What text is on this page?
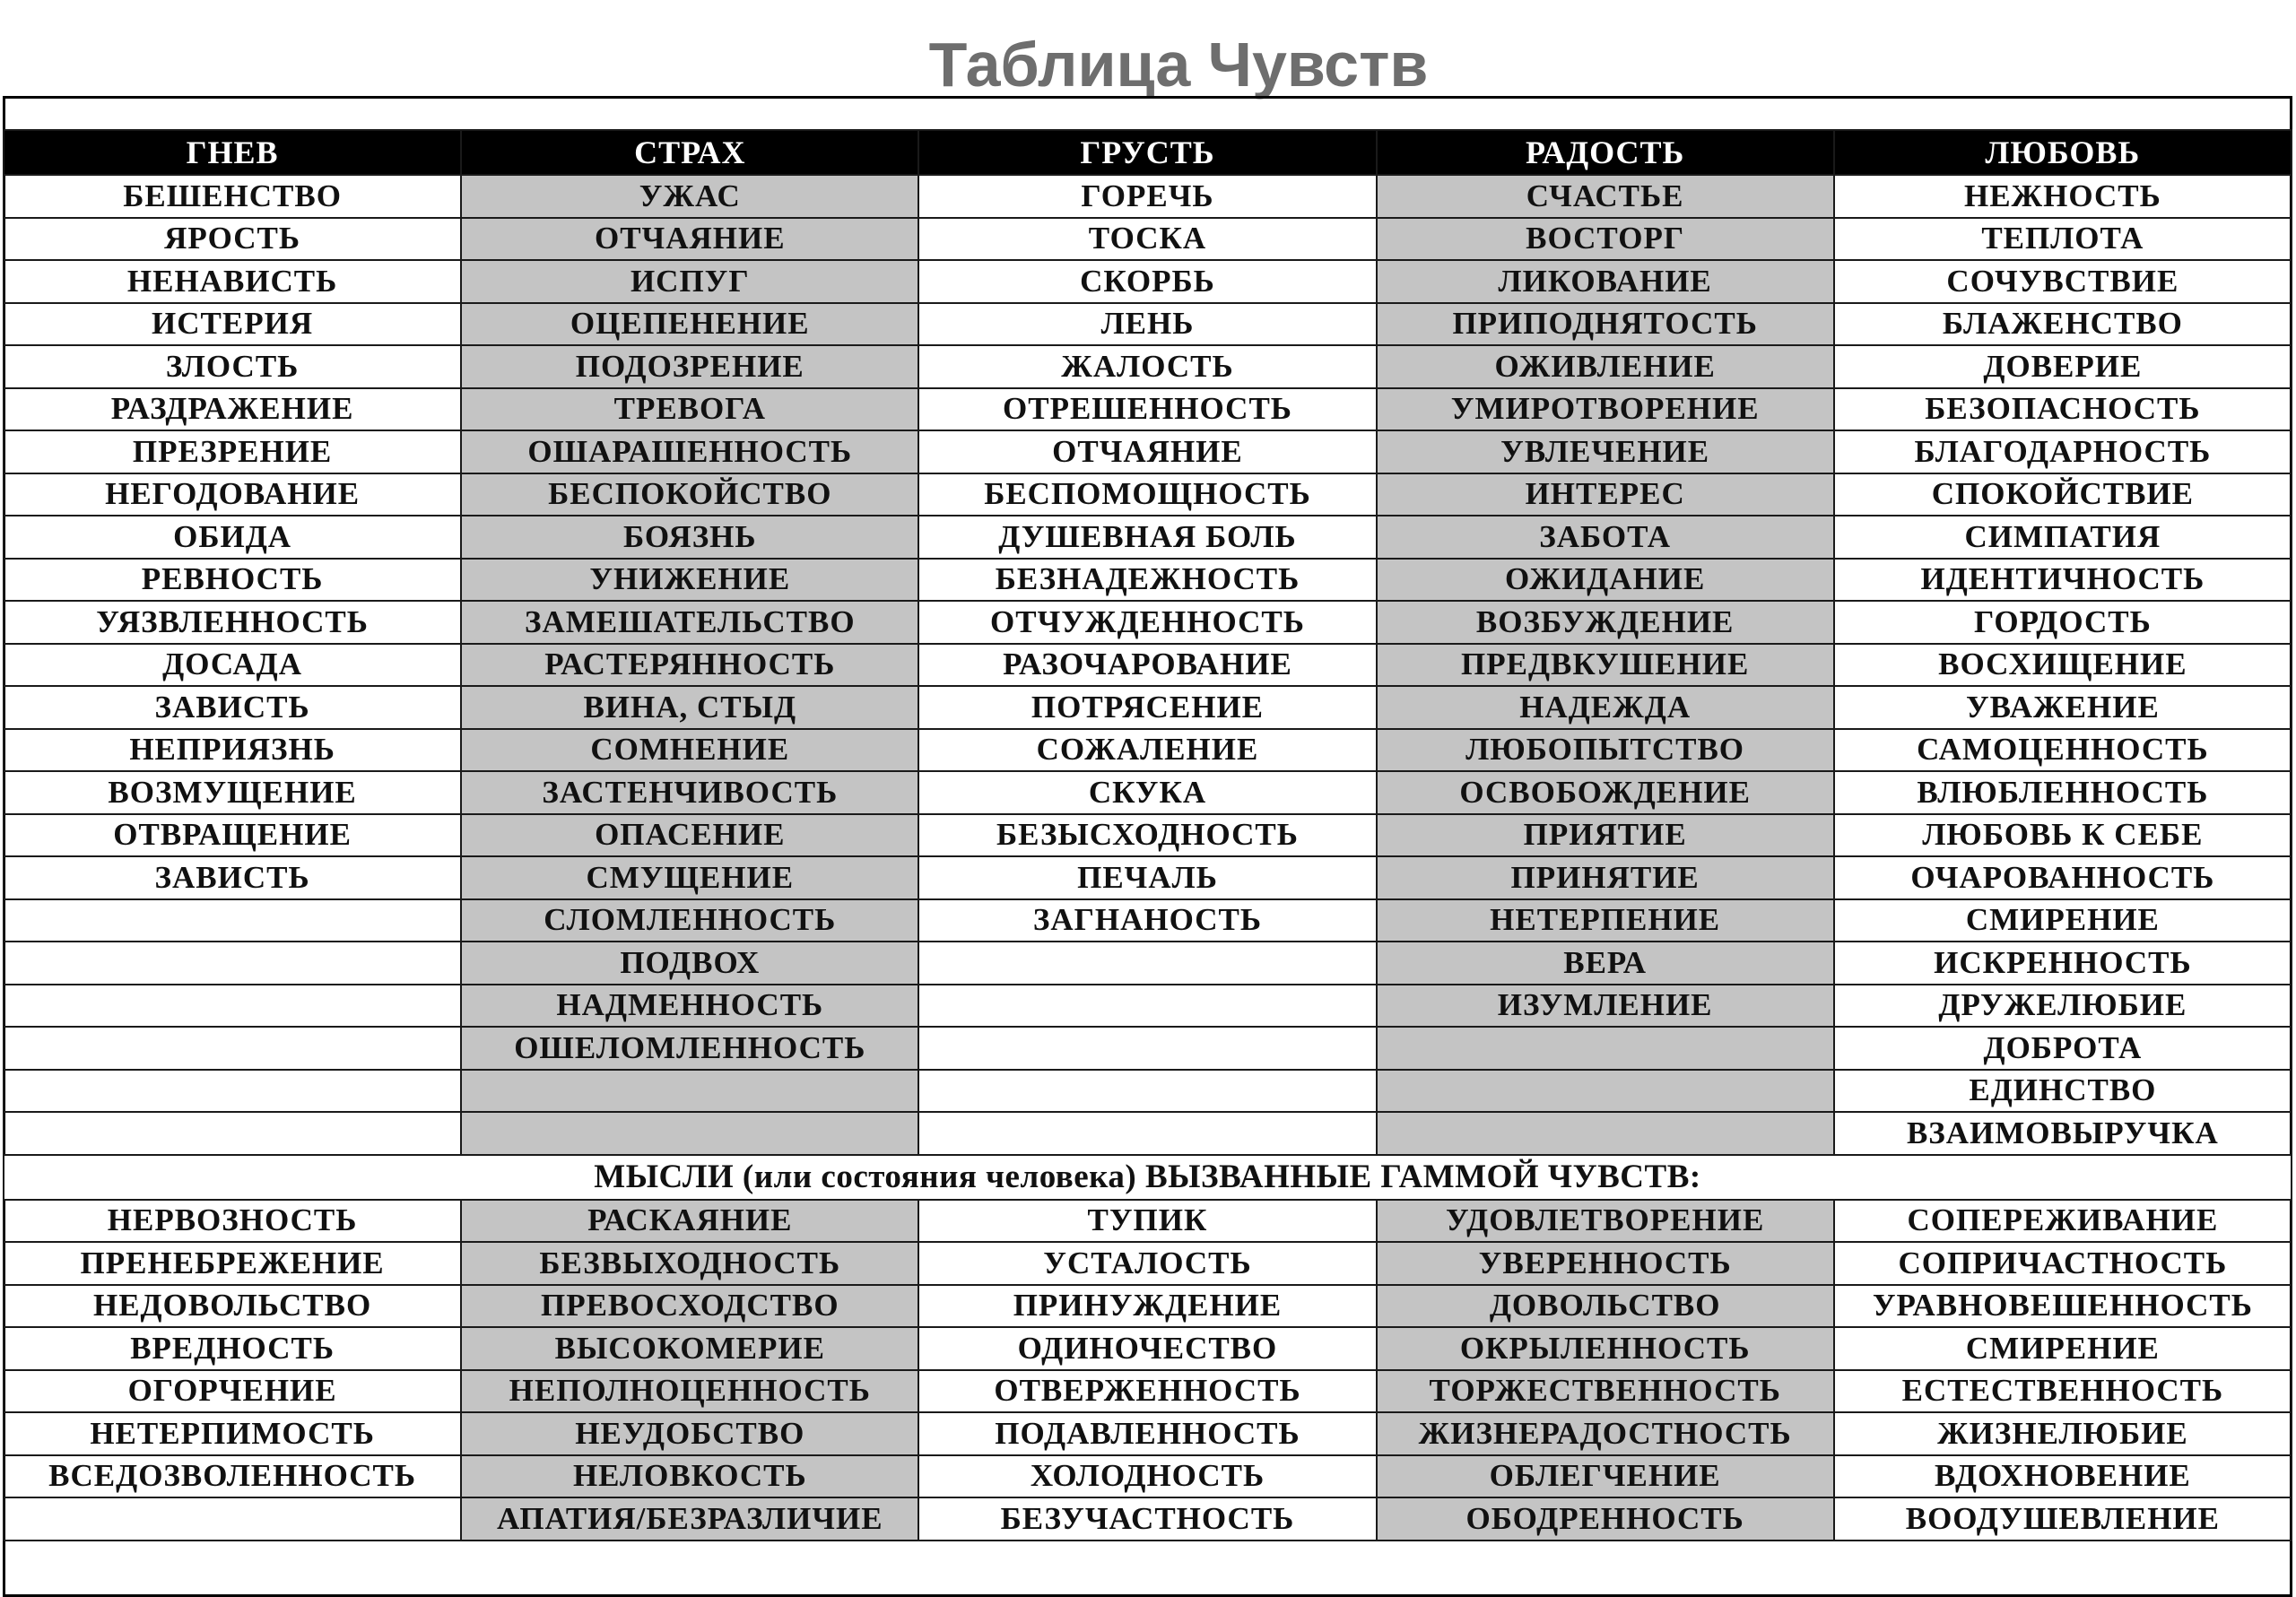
Таблица Чувств
ГНЕВ	СТРАХ	ГРУСТЬ	РАДОСТЬ	ЛЮБОВЬ
БЕШЕНСТВО	УЖАС	ГОРЕЧЬ	СЧАСТЬЕ	НЕЖНОСТЬ
ЯРОСТЬ	ОТЧАЯНИЕ	ТОСКА	ВОСТОРГ	ТЕПЛОТА
НЕНАВИСТЬ	ИСПУГ	СКОРБЬ	ЛИКОВАНИЕ	СОЧУВСТВИЕ
ИСТЕРИЯ	ОЦЕПЕНЕНИЕ	ЛЕНЬ	ПРИПОДНЯТОСТЬ	БЛАЖЕНСТВО
ЗЛОСТЬ	ПОДОЗРЕНИЕ	ЖАЛОСТЬ	ОЖИВЛЕНИЕ	ДОВЕРИЕ
РАЗДРАЖЕНИЕ	ТРЕВОГА	ОТРЕШЕННОСТЬ	УМИРОТВОРЕНИЕ	БЕЗОПАСНОСТЬ
ПРЕЗРЕНИЕ	ОШАРАШЕННОСТЬ	ОТЧАЯНИЕ	УВЛЕЧЕНИЕ	БЛАГОДАРНОСТЬ
НЕГОДОВАНИЕ	БЕСПОКОЙСТВО	БЕСПОМОЩНОСТЬ	ИНТЕРЕС	СПОКОЙСТВИЕ
ОБИДА	БОЯЗНЬ	ДУШЕВНАЯ БОЛЬ	ЗАБОТА	СИМПАТИЯ
РЕВНОСТЬ	УНИЖЕНИЕ	БЕЗНАДЕЖНОСТЬ	ОЖИДАНИЕ	ИДЕНТИЧНОСТЬ
УЯЗВЛЕННОСТЬ	ЗАМЕШАТЕЛЬСТВО	ОТЧУЖДЕННОСТЬ	ВОЗБУЖДЕНИЕ	ГОРДОСТЬ
ДОСАДА	РАСТЕРЯННОСТЬ	РАЗОЧАРОВАНИЕ	ПРЕДВКУШЕНИЕ	ВОСХИЩЕНИЕ
ЗАВИСТЬ	ВИНА, СТЫД	ПОТРЯСЕНИЕ	НАДЕЖДА	УВАЖЕНИЕ
НЕПРИЯЗНЬ	СОМНЕНИЕ	СОЖАЛЕНИЕ	ЛЮБОПЫТСТВО	САМОЦЕННОСТЬ
ВОЗМУЩЕНИЕ	ЗАСТЕНЧИВОСТЬ	СКУКА	ОСВОБОЖДЕНИЕ	ВЛЮБЛЕННОСТЬ
ОТВРАЩЕНИЕ	ОПАСЕНИЕ	БЕЗЫСХОДНОСТЬ	ПРИЯТИЕ	ЛЮБОВЬ К СЕБЕ
ЗАВИСТЬ	СМУЩЕНИЕ	ПЕЧАЛЬ	ПРИНЯТИЕ	ОЧАРОВАННОСТЬ
	СЛОМЛЕННОСТЬ	ЗАГНАНОСТЬ	НЕТЕРПЕНИЕ	СМИРЕНИЕ
	ПОДВОХ		ВЕРА	ИСКРЕННОСТЬ
	НАДМЕННОСТЬ		ИЗУМЛЕНИЕ	ДРУЖЕЛЮБИЕ
	ОШЕЛОМЛЕННОСТЬ			ДОБРОТА
				ЕДИНСТВО
				ВЗАИМОВЫРУЧКА
МЫСЛИ (или состояния человека) ВЫЗВАННЫЕ ГАММОЙ ЧУВСТВ:				
НЕРВОЗНОСТЬ	РАСКАЯНИЕ	ТУПИК	УДОВЛЕТВОРЕНИЕ	СОПЕРЕЖИВАНИЕ
ПРЕНЕБРЕЖЕНИЕ	БЕЗВЫХОДНОСТЬ	УСТАЛОСТЬ	УВЕРЕННОСТЬ	СОПРИЧАСТНОСТЬ
НЕДОВОЛЬСТВО	ПРЕВОСХОДСТВО	ПРИНУЖДЕНИЕ	ДОВОЛЬСТВО	УРАВНОВЕШЕННОСТЬ
ВРЕДНОСТЬ	ВЫСОКОМЕРИЕ	ОДИНОЧЕСТВО	ОКРЫЛЕННОСТЬ	СМИРЕНИЕ
ОГОРЧЕНИЕ	НЕПОЛНОЦЕННОСТЬ	ОТВЕРЖЕННОСТЬ	ТОРЖЕСТВЕННОСТЬ	ЕСТЕСТВЕННОСТЬ
НЕТЕРПИМОСТЬ	НЕУДОБСТВО	ПОДАВЛЕННОСТЬ	ЖИЗНЕРАДОСТНОСТЬ	ЖИЗНЕЛЮБИЕ
ВСЕДОЗВОЛЕННОСТЬ	НЕЛОВКОСТЬ	ХОЛОДНОСТЬ	ОБЛЕГЧЕНИЕ	ВДОХНОВЕНИЕ
	АПАТИЯ/БЕЗРАЗЛИЧИЕ	БЕЗУЧАСТНОСТЬ	ОБОДРЕННОСТЬ	ВООДУШЕВЛЕНИЕ
